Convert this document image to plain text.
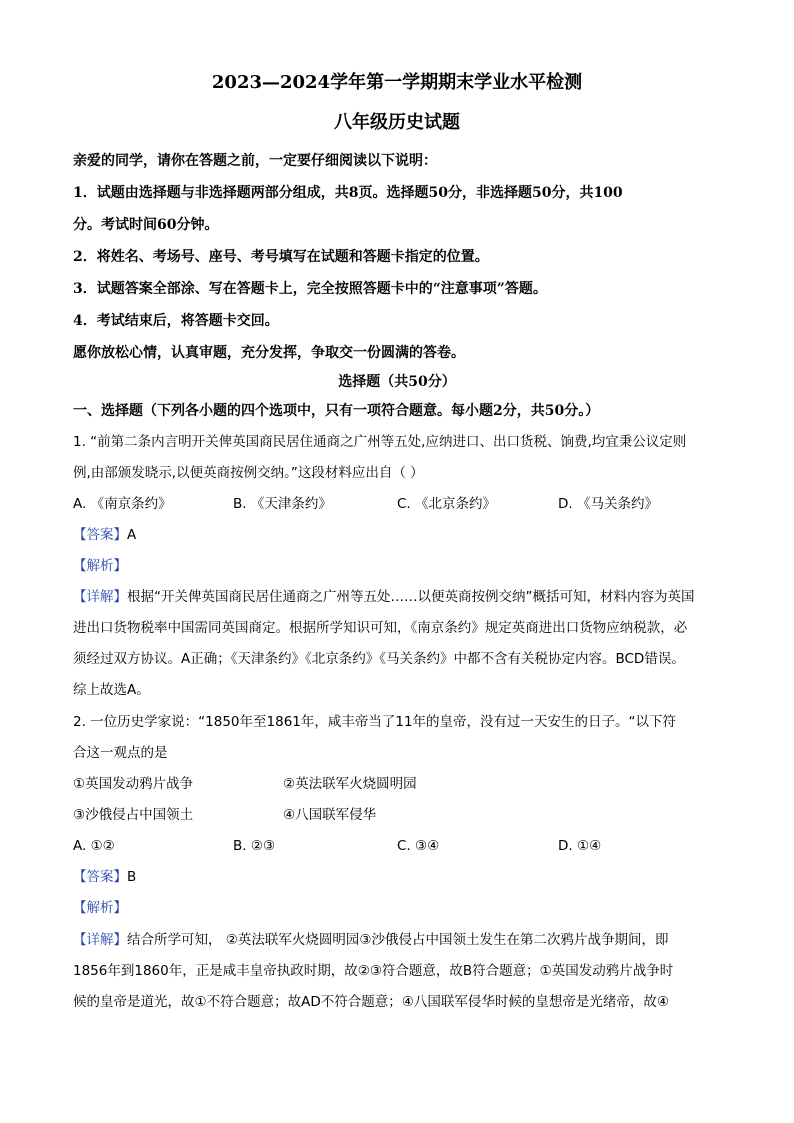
2023—2024学年第一学期期末学业水平检测
八年级历史试题
亲爱的同学，请你在答题之前，一定要仔细阅读以下说明：
1．试题由选择题与非选择题两部分组成，共8页。选择题50分，非选择题50分，共100
分。考试时间60分钟。
2．将姓名、考场号、座号、考号填写在试题和答题卡指定的位置。
3．试题答案全部涂、写在答题卡上，完全按照答题卡中的“注意事项”答题。
4．考试结束后，将答题卡交回。
愿你放松心情，认真审题，充分发挥，争取交一份圆满的答卷。
选择题（共50分）
一、选择题（下列各小题的四个选项中，只有一项符合题意。每小题2分，共50分。）
1. “前第二条内言明开关俾英国商民居住通商之广州等五处,应纳进口、出口货税、饷费,均宜秉公议定则
例,由部颁发晓示,以便英商按例交纳。”这段材料应出自（ ）
A. 《南京条约》	B. 《天津条约》	C. 《北京条约》	D. 《马关条约》
【答案】A
【解析】
【详解】根据“开关俾英国商民居住通商之广州等五处……以便英商按例交纳”概括可知，材料内容为英国
进出口货物税率中国需同英国商定。根据所学知识可知，《南京条约》规定英商进出口货物应纳税款，必
须经过双方协议。A正确；《天津条约》《北京条约》《马关条约》中都不含有关税协定内容。BCD错误。
综上故选A。
2. 一位历史学家说：“1850年至1861年，咸丰帝当了11年的皇帝，没有过一天安生的日子。“以下符
合这一观点的是
①英国发动鸦片战争	②英法联军火烧圆明园
③沙俄侵占中国领土	④八国联军侵华
A. ①②	B. ②③	C. ③④	D. ①④
【答案】B
【解析】
【详解】结合所学可知， ②英法联军火烧圆明园③沙俄侵占中国领土发生在第二次鸦片战争期间，即
1856年到1860年，正是咸丰皇帝执政时期，故②③符合题意，故B符合题意；①英国发动鸦片战争时
候的皇帝是道光，故①不符合题意；故AD不符合题意；④八国联军侵华时候的皇想帝是光绪帝，故④
